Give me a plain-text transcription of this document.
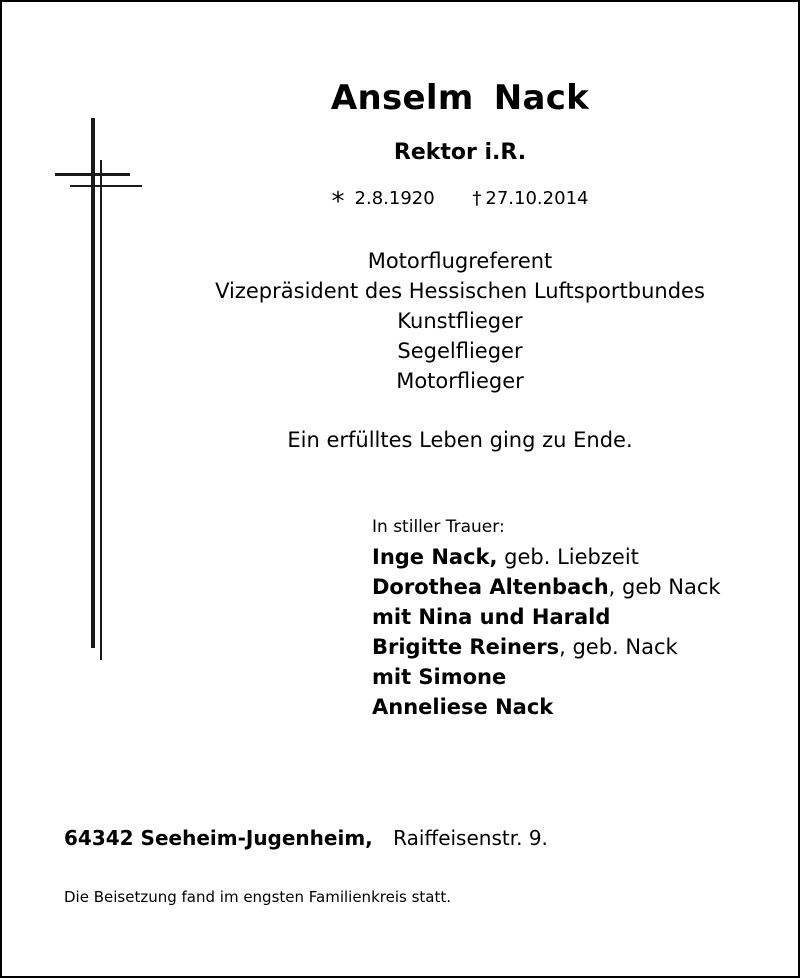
Anselm Nack
Rektor i.R.
* 2.8.1920 † 27.10.2014
Motorflugreferent
Vizepräsident des Hessischen Luftsportbundes
Kunstflieger
Segelflieger
Motorflieger
Ein erfülltes Leben ging zu Ende.
In stiller Trauer:
Inge Nack, geb. Liebzeit
Dorothea Altenbach, geb Nack
mit Nina und Harald
Brigitte Reiners, geb. Nack
mit Simone
Anneliese Nack
64342 Seeheim-Jugenheim, Raiffeisenstr. 9.
Die Beisetzung fand im engsten Familienkreis statt.
